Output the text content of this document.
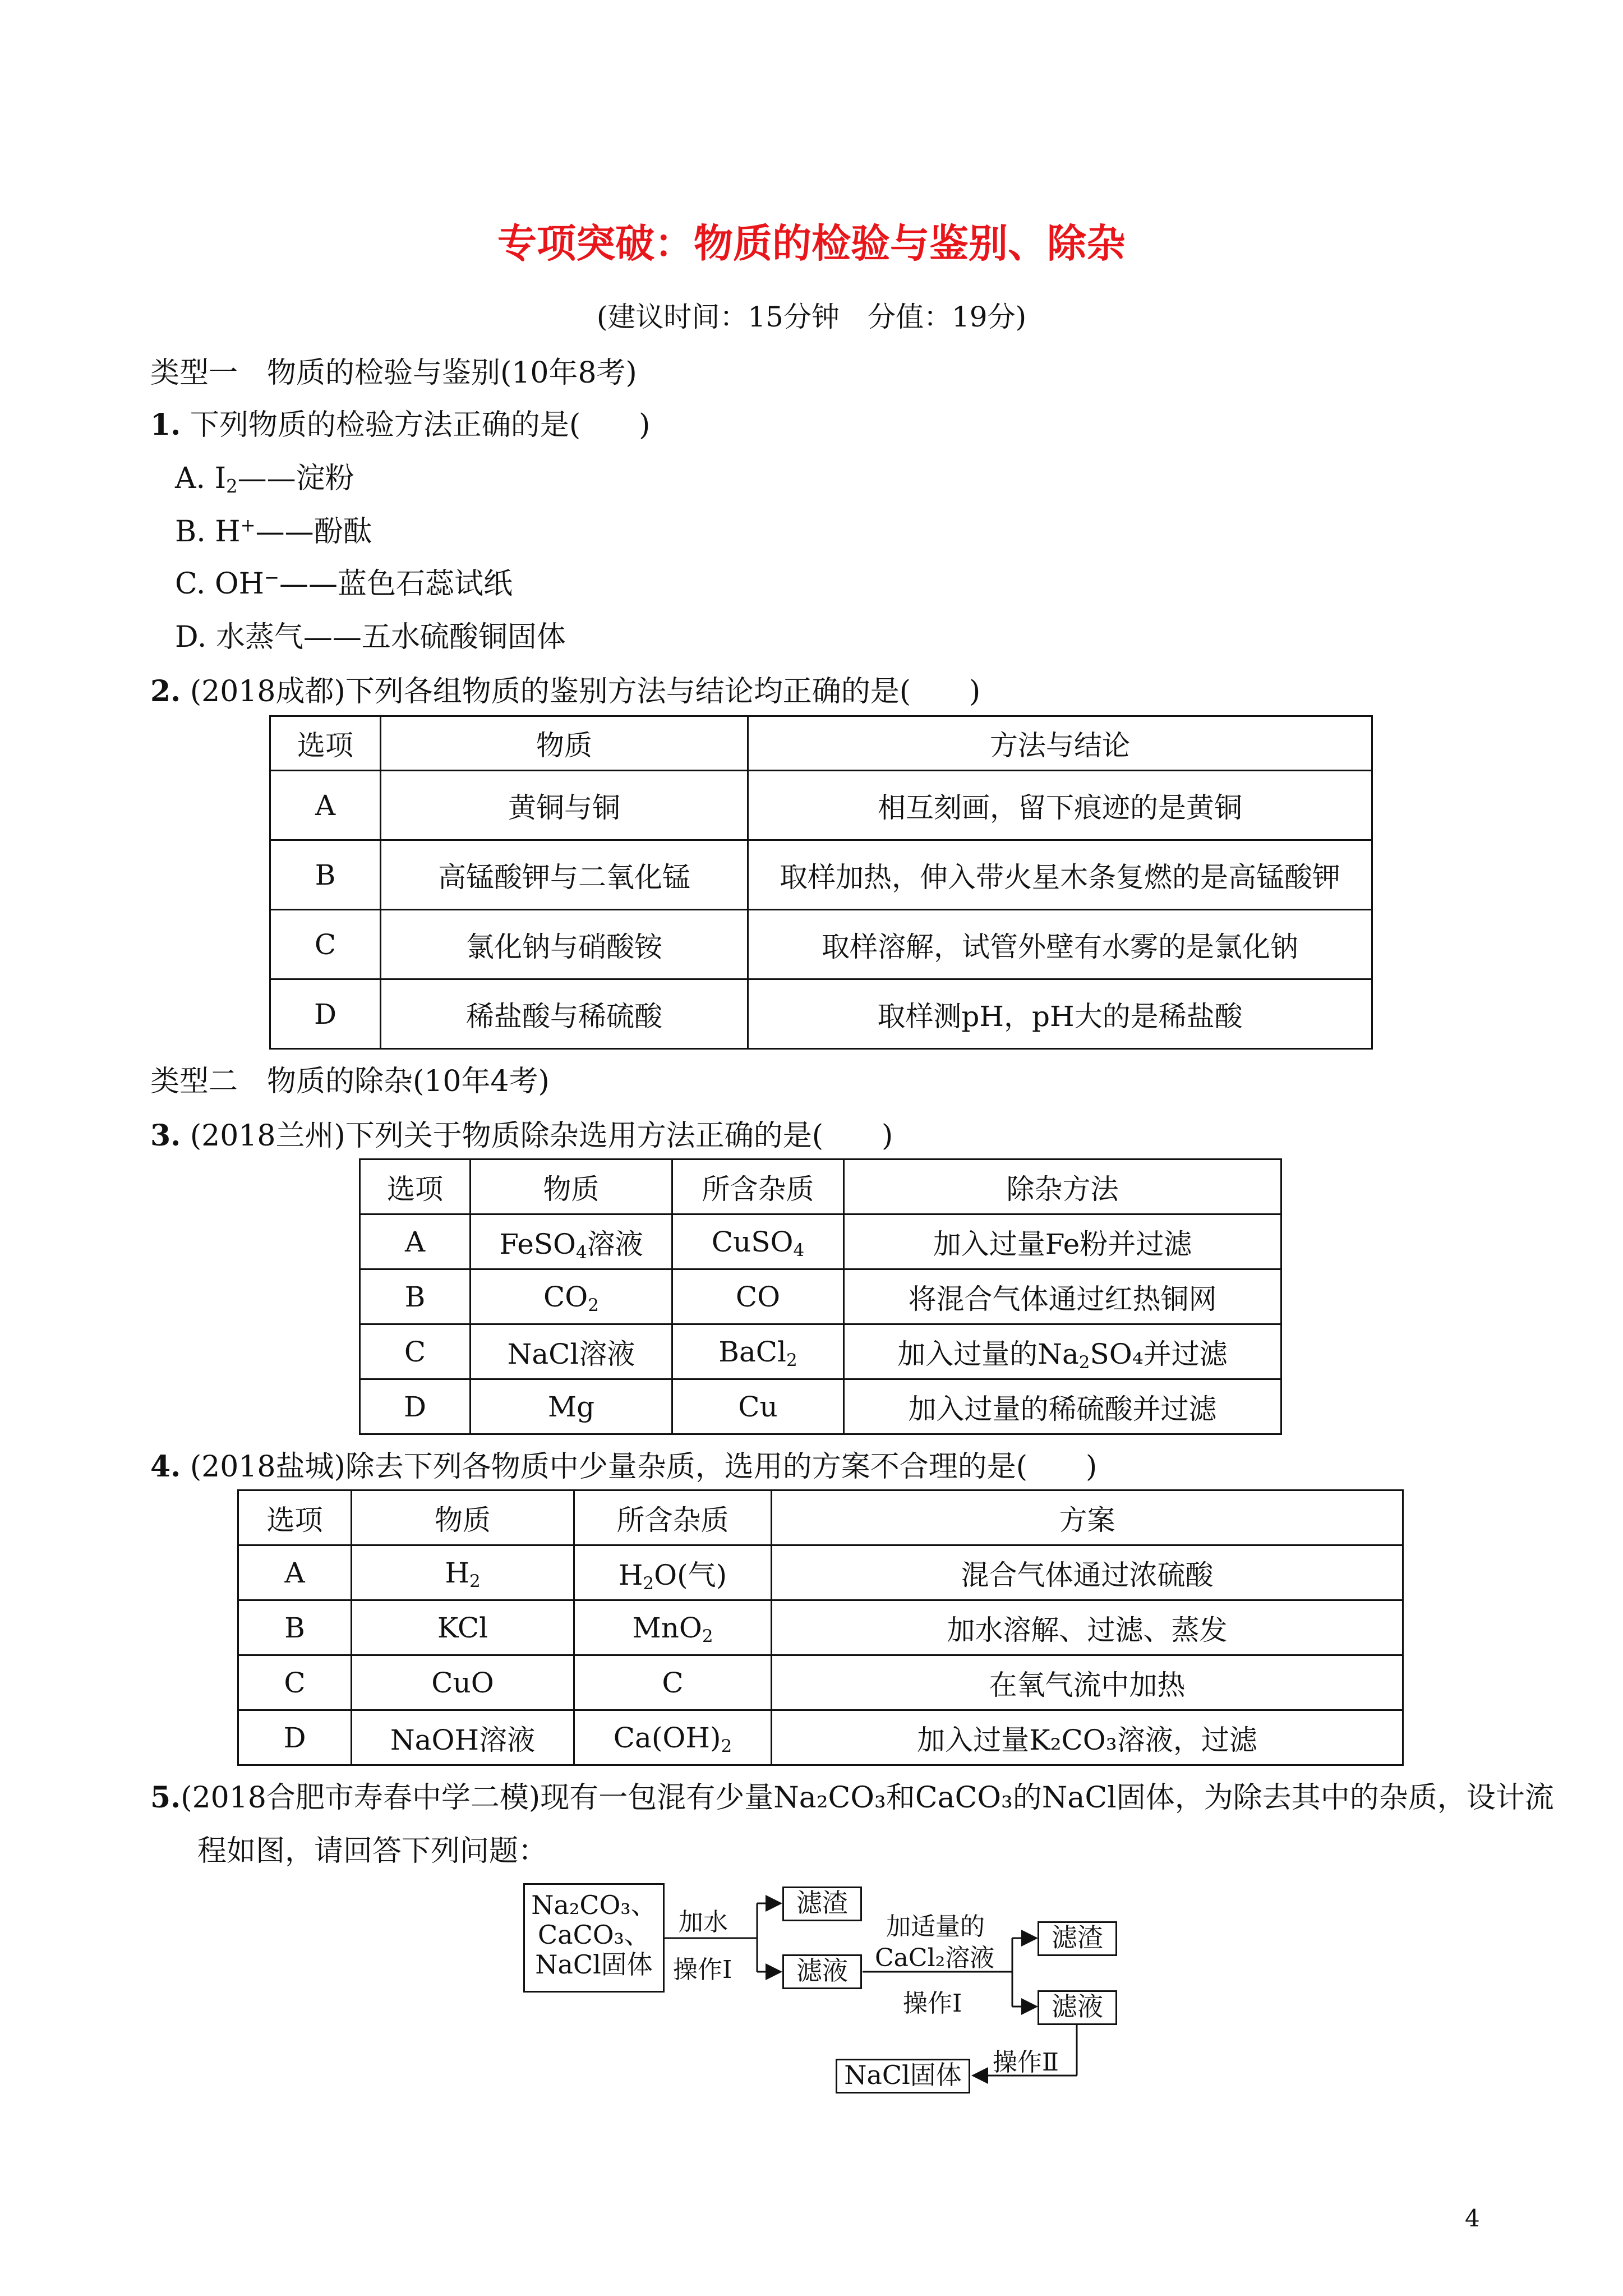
专项突破：物质的检验与鉴别、除杂
(建议时间：15分钟　分值：19分)
类型一　物质的检验与鉴别(10年8考)
1. 下列物质的检验方法正确的是(　　)
A. $I_2——$淀粉
B. H+——酚酞
C. OH−——蓝色石蕊试纸
D. 水蒸气——五水硫酸铜固体
2. (2018成都)下列各组物质的鉴别方法与结论均正确的是(　　)
选项	物质	方法与结论
A	黄铜与铜	相互刻画，留下痕迹的是黄铜
B	高锰酸钾与二氧化锰	取样加热，伸入带火星木条复燃的是高锰酸钾
C	氯化钠与硝酸铵	取样溶解，试管外壁有水雾的是氯化钠
D	稀盐酸与稀硫酸	取样测pH，pH大的是稀盐酸
类型二　物质的除杂(10年4考)
3. (2018兰州)下列关于物质除杂选用方法正确的是(　　)
选项	物质	所含杂质	除杂方法
A	FeSO$_4$溶液	CuSO$_4$	加入过量Fe粉并过滤
B	$CO_2$	CO	将混合气体通过红热铜网
C	NaCl溶液	BaCl$_2$	加入过量的$Na_2SO_4$并过滤
D	Mg	Cu	加入过量的稀硫酸并过滤
4. (2018盐城)除去下列各物质中少量杂质，选用的方案不合理的是(　　)
选项	物质	所含杂质	方案
A	$H_2$	$H_2O$(气)	混合气体通过浓硫酸
B	KCl	MnO$_2$	加水溶解、过滤、蒸发
C	CuO	C	在氧气流中加热
D	NaOH溶液	$Ca(OH)_2$	加入过量K₂CO₃溶液，过滤
5.(2018合肥市寿春中学二模)现有一包混有少量Na₂CO₃和CaCO₃的NaCl固体，为除去其中的杂质，设计流
程如图，请回答下列问题：
Na₂CO₃、
CaCO₃、
NaCl固体
加水
操作Ⅰ
滤渣
滤液
加适量的
CaCl₂溶液
操作Ⅰ
滤渣
滤液
操作Ⅱ
NaCl固体
4
